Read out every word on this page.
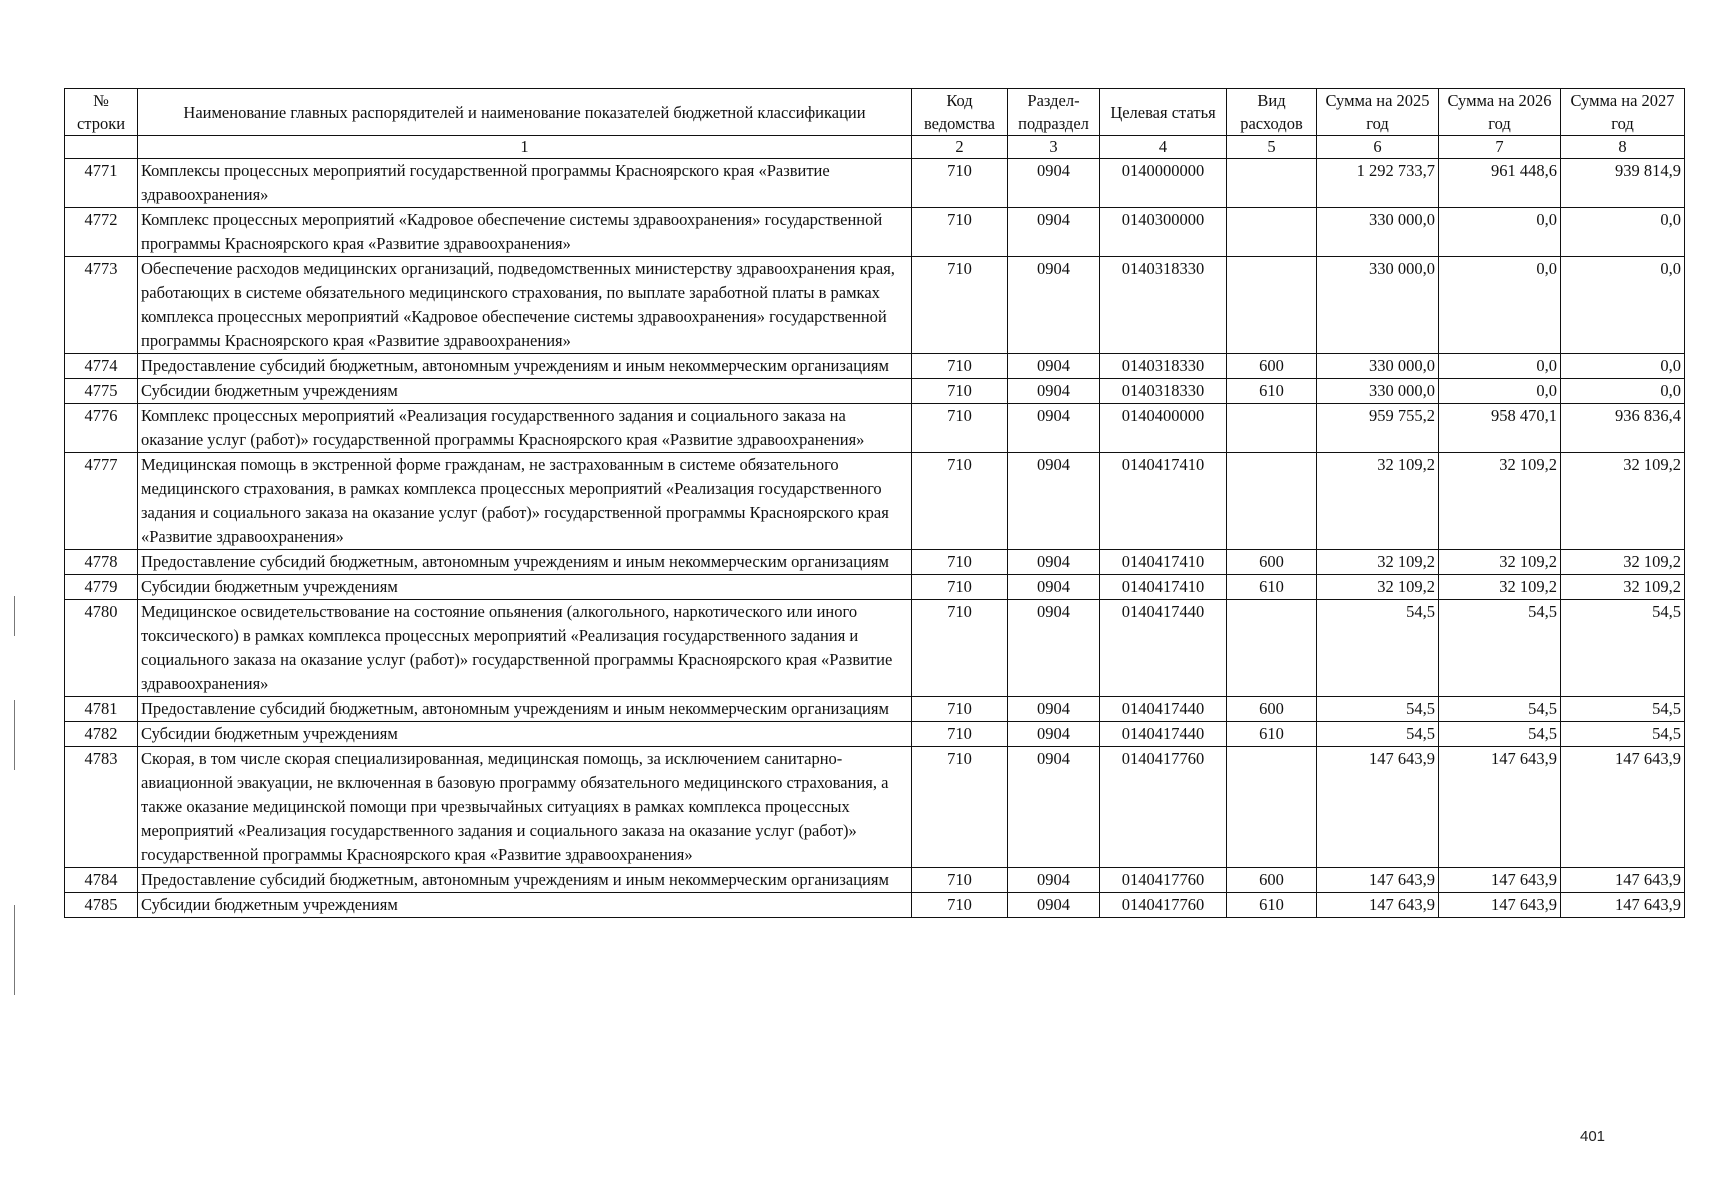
№ строки	Наименование главных распорядителей и наименование показателей бюджетной классификации	Код ведомства	Раздел-подраздел	Целевая статья	Вид расходов	Сумма на 2025 год	Сумма на 2026 год	Сумма на 2027 год
	1	2	3	4	5	6	7	8
4771	Комплексы процессных мероприятий государственной программы Красноярского края «Развитие здравоохранения»	710	0904	0140000000		1 292 733,7	961 448,6	939 814,9
4772	Комплекс процессных мероприятий «Кадровое обеспечение системы здравоохранения» государственной программы Красноярского края «Развитие здравоохранения»	710	0904	0140300000		330 000,0	0,0	0,0
4773	Обеспечение расходов медицинских организаций, подведомственных министерству здравоохранения края, работающих в системе обязательного медицинского страхования, по выплате заработной платы в рамках комплекса процессных мероприятий «Кадровое обеспечение системы здравоохранения» государственной программы Красноярского края «Развитие здравоохранения»	710	0904	0140318330		330 000,0	0,0	0,0
4774	Предоставление субсидий бюджетным, автономным учреждениям и иным некоммерческим организациям	710	0904	0140318330	600	330 000,0	0,0	0,0
4775	Субсидии бюджетным учреждениям	710	0904	0140318330	610	330 000,0	0,0	0,0
4776	Комплекс процессных мероприятий «Реализация государственного задания и социального заказа на оказание услуг (работ)» государственной программы Красноярского края «Развитие здравоохранения»	710	0904	0140400000		959 755,2	958 470,1	936 836,4
4777	Медицинская помощь в экстренной форме гражданам, не застрахованным в системе обязательного медицинского страхования, в рамках комплекса процессных мероприятий «Реализация государственного задания и социального заказа на оказание услуг (работ)» государственной программы Красноярского края «Развитие здравоохранения»	710	0904	0140417410		32 109,2	32 109,2	32 109,2
4778	Предоставление субсидий бюджетным, автономным учреждениям и иным некоммерческим организациям	710	0904	0140417410	600	32 109,2	32 109,2	32 109,2
4779	Субсидии бюджетным учреждениям	710	0904	0140417410	610	32 109,2	32 109,2	32 109,2
4780	Медицинское освидетельствование на состояние опьянения (алкогольного, наркотического или иного токсического) в рамках комплекса процессных мероприятий «Реализация государственного задания и социального заказа на оказание услуг (работ)» государственной программы Красноярского края «Развитие здравоохранения»	710	0904	0140417440		54,5	54,5	54,5
4781	Предоставление субсидий бюджетным, автономным учреждениям и иным некоммерческим организациям	710	0904	0140417440	600	54,5	54,5	54,5
4782	Субсидии бюджетным учреждениям	710	0904	0140417440	610	54,5	54,5	54,5
4783	Скорая, в том числе скорая специализированная, медицинская помощь, за исключением санитарно-авиационной эвакуации, не включенная в базовую программу обязательного медицинского страхования, а также оказание медицинской помощи при чрезвычайных ситуациях в рамках комплекса процессных мероприятий «Реализация государственного задания и социального заказа на оказание услуг (работ)» государственной программы Красноярского края «Развитие здравоохранения»	710	0904	0140417760		147 643,9	147 643,9	147 643,9
4784	Предоставление субсидий бюджетным, автономным учреждениям и иным некоммерческим организациям	710	0904	0140417760	600	147 643,9	147 643,9	147 643,9
4785	Субсидии бюджетным учреждениям	710	0904	0140417760	610	147 643,9	147 643,9	147 643,9
401
